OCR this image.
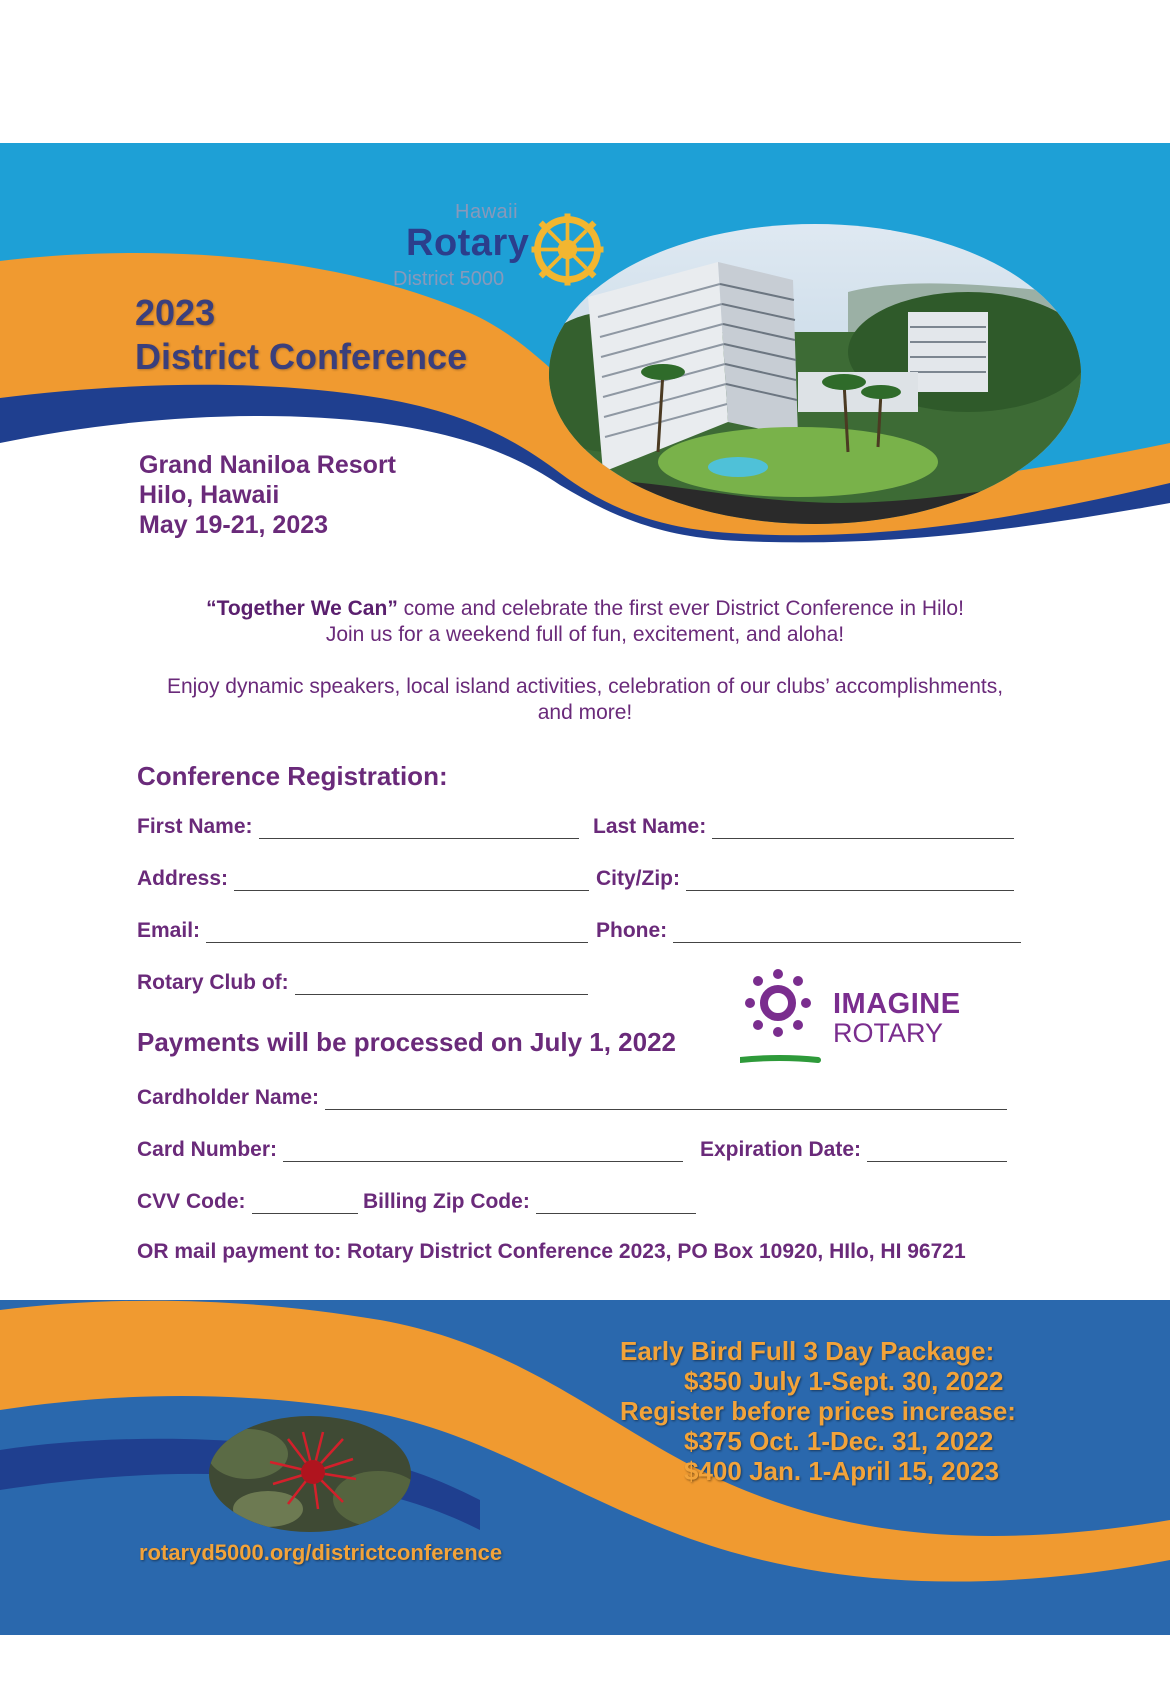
Hawaii
Rotary
District 5000
2023
District Conference
Grand Naniloa Resort
Hilo, Hawaii
May 19-21, 2023
“Together We Can” come and celebrate the first ever District Conference in Hilo!
Join us for a weekend full of fun, excitement, and aloha!
Enjoy dynamic speakers, local island activities, celebration of our clubs’ accomplishments,
and more!
Conference Registration:
First Name:	Last Name:
Address:	City/Zip:
Email:	Phone:
Rotary Club of:
IMAGINE
ROTARY
Payments will be processed on July 1, 2022
Cardholder Name:
Card Number:	Expiration Date:
CVV Code:	Billing Zip Code:
OR mail payment to: Rotary District Conference 2023, PO Box 10920, HIlo, HI 96721
Early Bird Full 3 Day Package:
$350 July 1-Sept. 30, 2022
Register before prices increase:
$375 Oct. 1-Dec. 31, 2022
$400 Jan. 1-April 15, 2023
rotaryd5000.org/districtconference
